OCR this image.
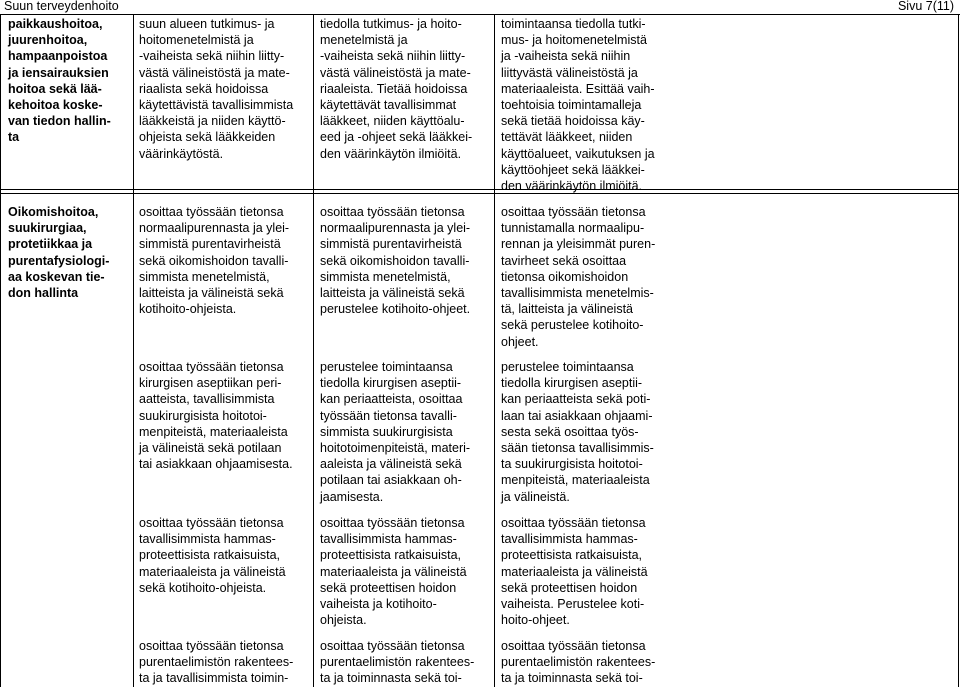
Suun terveydenhoito	Sivu 7(11)
paikkaushoitoa,
juurenhoitoa,
hampaanpoistoa
ja iensairauksien
hoitoa sekä lää-
kehoitoa koske-
van tiedon hallin-
ta
suun alueen tutkimus- ja
hoitomenetelmistä ja
-vaiheista sekä niihin liitty-
västä välineistöstä ja mate-
riaalista sekä hoidoissa
käytettävistä tavallisimmista
lääkkeistä ja niiden käyttö-
ohjeista sekä lääkkeiden
väärinkäytöstä.
tiedolla tutkimus- ja hoito-
menetelmistä ja
-vaiheista sekä niihin liitty-
västä välineistöstä ja mate-
riaaleista. Tietää hoidoissa
käytettävät tavallisimmat
lääkkeet, niiden käyttöalu-
eed ja -ohjeet sekä lääkkei-
den väärinkäytön ilmiöitä.
toimintaansa tiedolla tutki-
mus- ja hoitomenetelmistä
ja -vaiheista sekä niihin
liittyvästä välineistöstä ja
materiaaleista. Esittää vaih-
toehtoisia toimintamalleja
sekä tietää hoidoissa käy-
tettävät lääkkeet, niiden
käyttöalueet, vaikutuksen ja
käyttöohjeet sekä lääkkei-
den väärinkäytön ilmiöitä.
Oikomishoitoa,
suukirurgiaa,
protetiikkaa ja
purentafysiologi-
aa koskevan tie-
don hallinta
osoittaa työssään tietonsa
normaalipurennasta ja ylei-
simmistä purentavirheistä
sekä oikomishoidon tavalli-
simmista menetelmistä,
laitteista ja välineistä sekä
kotihoito-ohjeista.
osoittaa työssään tietonsa
normaalipurennasta ja ylei-
simmistä purentavirheistä
sekä oikomishoidon tavalli-
simmista menetelmistä,
laitteista ja välineistä sekä
perustelee kotihoito-ohjeet.
osoittaa työssään tietonsa
tunnistamalla normaalipu-
rennan ja yleisimmät puren-
tavirheet sekä osoittaa
tietonsa oikomishoidon
tavallisimmista menetelmis-
tä, laitteista ja välineistä
sekä perustelee kotihoito-
ohjeet.
osoittaa työssään tietonsa
kirurgisen aseptiikan peri-
aatteista, tavallisimmista
suukirurgisista hoitotoi-
menpiteistä, materiaaleista
ja välineistä sekä potilaan
tai asiakkaan ohjaamisesta.
perustelee toimintaansa
tiedolla kirurgisen aseptii-
kan periaatteista, osoittaa
työssään tietonsa tavalli-
simmista suukirurgisista
hoitotoimenpiteistä, materi-
aaleista ja välineistä sekä
potilaan tai asiakkaan oh-
jaamisesta.
perustelee toimintaansa
tiedolla kirurgisen aseptii-
kan periaatteista sekä poti-
laan tai asiakkaan ohjaami-
sesta sekä osoittaa työs-
sään tietonsa tavallisimmis-
ta suukirurgisista hoitotoi-
menpiteistä, materiaaleista
ja välineistä.
osoittaa työssään tietonsa
tavallisimmista hammas-
proteettisista ratkaisuista,
materiaaleista ja välineistä
sekä kotihoito-ohjeista.
osoittaa työssään tietonsa
tavallisimmista hammas-
proteettisista ratkaisuista,
materiaaleista ja välineistä
sekä proteettisen hoidon
vaiheista ja kotihoito-
ohjeista.
osoittaa työssään tietonsa
tavallisimmista hammas-
proteettisista ratkaisuista,
materiaaleista ja välineistä
sekä proteettisen hoidon
vaiheista. Perustelee koti-
hoito-ohjeet.
osoittaa työssään tietonsa
purentaelimistön rakentees-
ta ja tavallisimmista toimin-
osoittaa työssään tietonsa
purentaelimistön rakentees-
ta ja toiminnasta sekä toi-
osoittaa työssään tietonsa
purentaelimistön rakentees-
ta ja toiminnasta sekä toi-
